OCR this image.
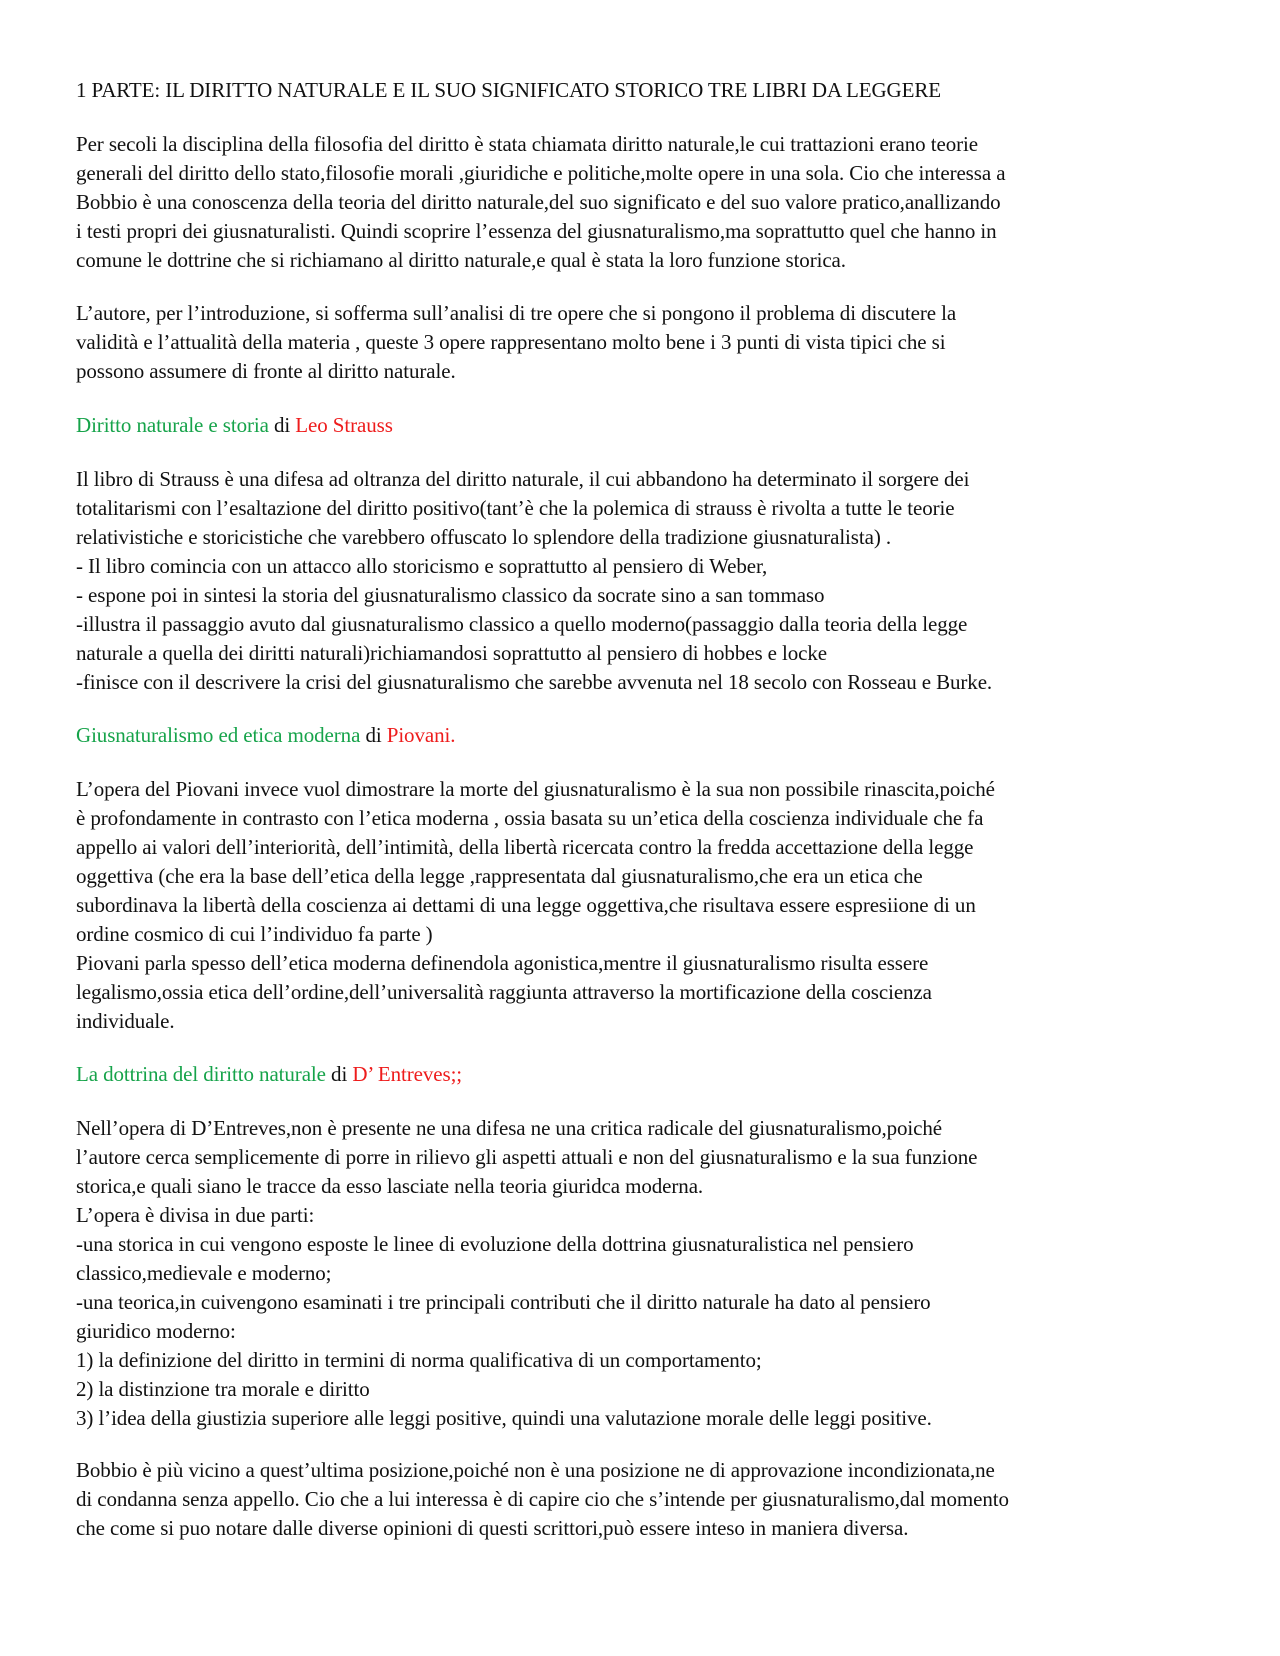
1 PARTE: IL DIRITTO NATURALE E IL SUO SIGNIFICATO STORICO TRE LIBRI DA LEGGERE
Per secoli la disciplina della filosofia del diritto è stata chiamata diritto naturale,le cui trattazioni erano teorie
generali del diritto dello stato,filosofie morali ,giuridiche e politiche,molte opere in una sola. Cio che interessa a
Bobbio è una conoscenza della teoria del diritto naturale,del suo significato e del suo valore pratico,anallizando
i testi propri dei giusnaturalisti. Quindi scoprire l’essenza del giusnaturalismo,ma soprattutto quel che hanno in
comune le dottrine che si richiamano al diritto naturale,e qual è stata la loro funzione storica.
L’autore, per l’introduzione, si sofferma sull’analisi di tre opere che si pongono il problema di discutere la
validità e l’attualità della materia , queste 3 opere rappresentano molto bene i 3 punti di vista tipici che si
possono assumere di fronte al diritto naturale.
Diritto naturale e storia di Leo Strauss
Il libro di Strauss è una difesa ad oltranza del diritto naturale, il cui abbandono ha determinato il sorgere dei
totalitarismi con l’esaltazione del diritto positivo(tant’è che la polemica di strauss è rivolta a tutte le teorie
relativistiche e storicistiche che varebbero offuscato lo splendore della tradizione giusnaturalista) .
- Il libro comincia con un attacco allo storicismo e soprattutto al pensiero di Weber,
- espone poi in sintesi la storia del giusnaturalismo classico da socrate sino a san tommaso
-illustra il passaggio avuto dal giusnaturalismo classico a quello moderno(passaggio dalla teoria della legge
naturale a quella dei diritti naturali)richiamandosi soprattutto al pensiero di hobbes e locke
-finisce con il descrivere la crisi del giusnaturalismo che sarebbe avvenuta nel 18 secolo con Rosseau e Burke.
Giusnaturalismo ed etica moderna di Piovani.
L’opera del Piovani invece vuol dimostrare la morte del giusnaturalismo è la sua non possibile rinascita,poiché
è profondamente in contrasto con l’etica moderna , ossia basata su un’etica della coscienza individuale che fa
appello ai valori dell’interiorità, dell’intimità, della libertà ricercata contro la fredda accettazione della legge
oggettiva (che era la base dell’etica della legge ,rappresentata dal giusnaturalismo,che era un etica che
subordinava la libertà della coscienza ai dettami di una legge oggettiva,che risultava essere espresiione di un
ordine cosmico di cui l’individuo fa parte )
Piovani parla spesso dell’etica moderna definendola agonistica,mentre il giusnaturalismo risulta essere
legalismo,ossia etica dell’ordine,dell’universalità raggiunta attraverso la mortificazione della coscienza
individuale.
La dottrina del diritto naturale di D’ Entreves;;
Nell’opera di D’Entreves,non è presente ne una difesa ne una critica radicale del giusnaturalismo,poiché
l’autore cerca semplicemente di porre in rilievo gli aspetti attuali e non del giusnaturalismo e la sua funzione
storica,e quali siano le tracce da esso lasciate nella teoria giuridca moderna.
L’opera è divisa in due parti:
-una storica in cui vengono esposte le linee di evoluzione della dottrina giusnaturalistica nel pensiero
classico,medievale e moderno;
-una teorica,in cuivengono esaminati i tre principali contributi che il diritto naturale ha dato al pensiero
giuridico moderno:
1) la definizione del diritto in termini di norma qualificativa di un comportamento;
2) la distinzione tra morale e diritto
3) l’idea della giustizia superiore alle leggi positive, quindi una valutazione morale delle leggi positive.
Bobbio è più vicino a quest’ultima posizione,poiché non è una posizione ne di approvazione incondizionata,ne
di condanna senza appello. Cio che a lui interessa è di capire cio che s’intende per giusnaturalismo,dal momento
che come si puo notare dalle diverse opinioni di questi scrittori,può essere inteso in maniera diversa.
